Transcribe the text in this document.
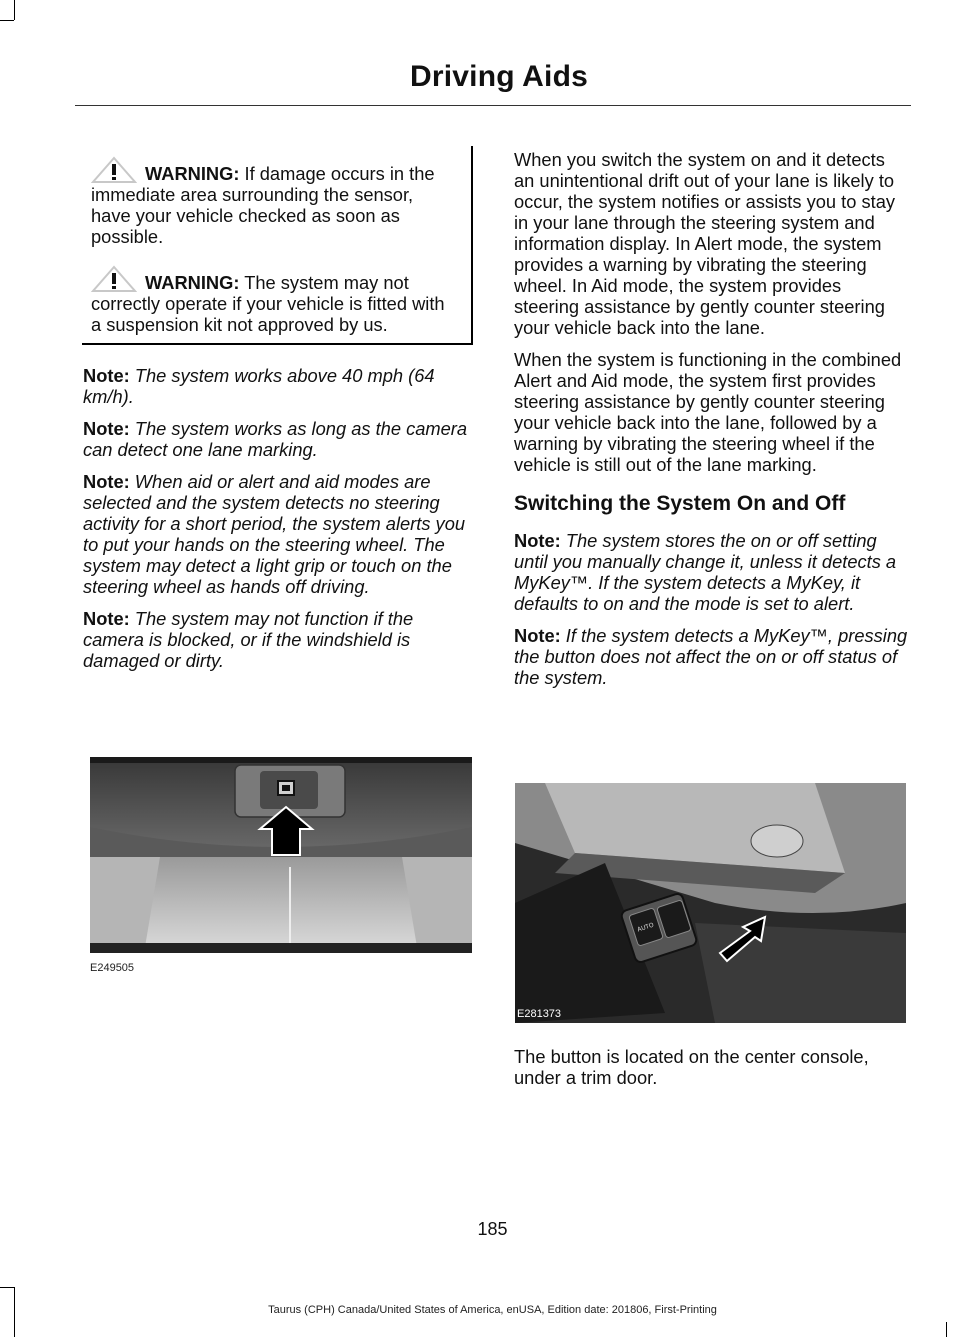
Driving Aids

WARNING: If damage occurs in the immediate area surrounding the sensor, have your vehicle checked as soon as possible.

WARNING: The system may not correctly operate if your vehicle is fitted with a suspension kit not approved by us.

Note: The system works above 40 mph (64 km/h).

Note: The system works as long as the camera can detect one lane marking.

Note: When aid or alert and aid modes are selected and the system detects no steering activity for a short period, the system alerts you to put your hands on the steering wheel. The system may detect a light grip or touch on the steering wheel as hands off driving.

Note: The system may not function if the camera is blocked, or if the windshield is damaged or dirty.

E249505

When you switch the system on and it detects an unintentional drift out of your lane is likely to occur, the system notifies or assists you to stay in your lane through the steering system and information display. In Alert mode, the system provides a warning by vibrating the steering wheel. In Aid mode, the system provides steering assistance by gently counter steering your vehicle back into the lane.

When the system is functioning in the combined Alert and Aid mode, the system first provides steering assistance by gently counter steering your vehicle back into the lane, followed by a warning by vibrating the steering wheel if the vehicle is still out of the lane marking.

Switching the System On and Off

Note: The system stores the on or off setting until you manually change it, unless it detects a MyKey™. If the system detects a MyKey, it defaults to on and the mode is set to alert.

Note: If the system detects a MyKey™, pressing the button does not affect the on or off status of the system.

AUTO
E281373
The button is located on the center console, under a trim door.
185
Taurus (CPH) Canada/United States of America, enUSA, Edition date: 201806, First-Printing
